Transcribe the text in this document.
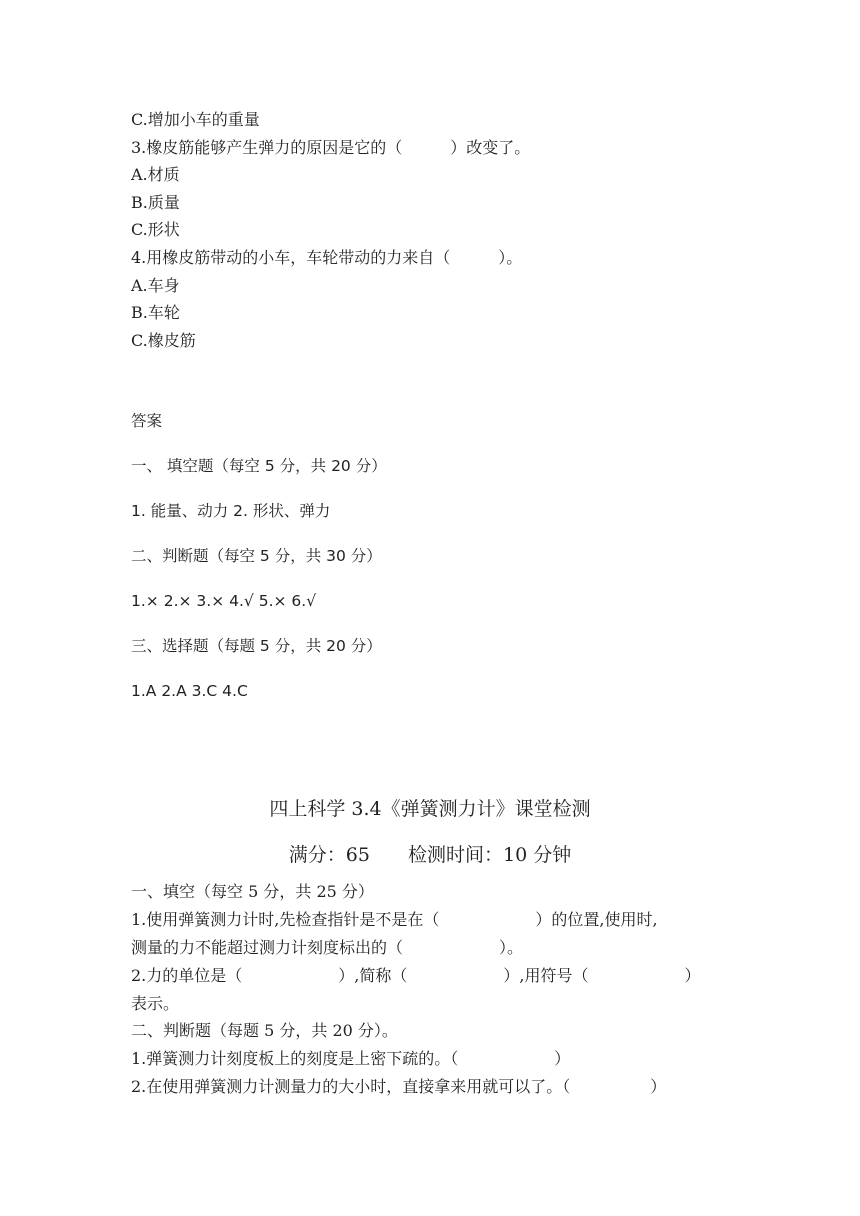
C.增加小车的重量
3.橡皮筋能够产生弹力的原因是它的（　　　）改变了。
A.材质
B.质量
C.形状
4.用橡皮筋带动的小车，车轮带动的力来自（　　　）。
A.车身
B.车轮
C.橡皮筋
答案
一、 填空题（每空 5 分，共 20 分）
1. 能量、动力 2. 形状、弹力
二、判断题（每空 5 分，共 30 分）
1.× 2.× 3.× 4.√ 5.× 6.√
三、选择题（每题 5 分，共 20 分）
1.A 2.A 3.C 4.C
四上科学 3.4《弹簧测力计》课堂检测
满分：65　　检测时间：10 分钟
一、填空（每空 5 分，共 25 分）
1.使用弹簧测力计时,先检查指针是不是在（　　　　　　）的位置,使用时,
测量的力不能超过测力计刻度标出的（　　　　　　）。
2.力的单位是（　　　　　　）,简称（　　　　　　）,用符号（　　　　　　）
表示。
二、判断题（每题 5 分，共 20 分）。
1.弹簧测力计刻度板上的刻度是上密下疏的。（　　　　　　）
2.在使用弹簧测力计测量力的大小时，直接拿来用就可以了。（　　　　　）
